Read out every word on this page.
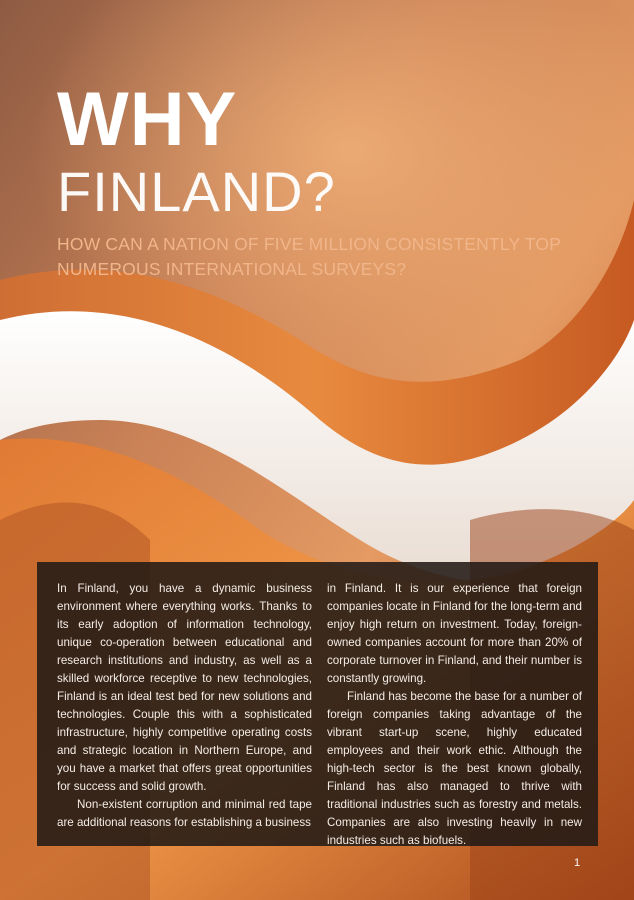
WHY
FINLAND?

HOW CAN A NATION OF FIVE MILLION CONSISTENTLY TOP NUMEROUS INTERNATIONAL SURVEYS?

In Finland, you have a dynamic business environment where everything works. Thanks to its early adoption of information technology, unique co-operation between educational and research institutions and industry, as well as a skilled workforce receptive to new technologies, Finland is an ideal test bed for new solutions and technologies. Couple this with a sophisticated infrastructure, highly competitive operating costs and strategic location in Northern Europe, and you have a market that offers great opportunities for success and solid growth.

Non-existent corruption and minimal red tape are additional reasons for establishing a business

in Finland. It is our experience that foreign companies locate in Finland for the long-term and enjoy high return on investment. Today, foreign-owned companies account for more than 20% of corporate turnover in Finland, and their number is constantly growing.

Finland has become the base for a number of foreign companies taking advantage of the vibrant start-up scene, highly educated employees and their work ethic. Although the high-tech sector is the best known globally, Finland has also managed to thrive with traditional industries such as forestry and metals. Companies are also investing heavily in new industries such as biofuels.

1
